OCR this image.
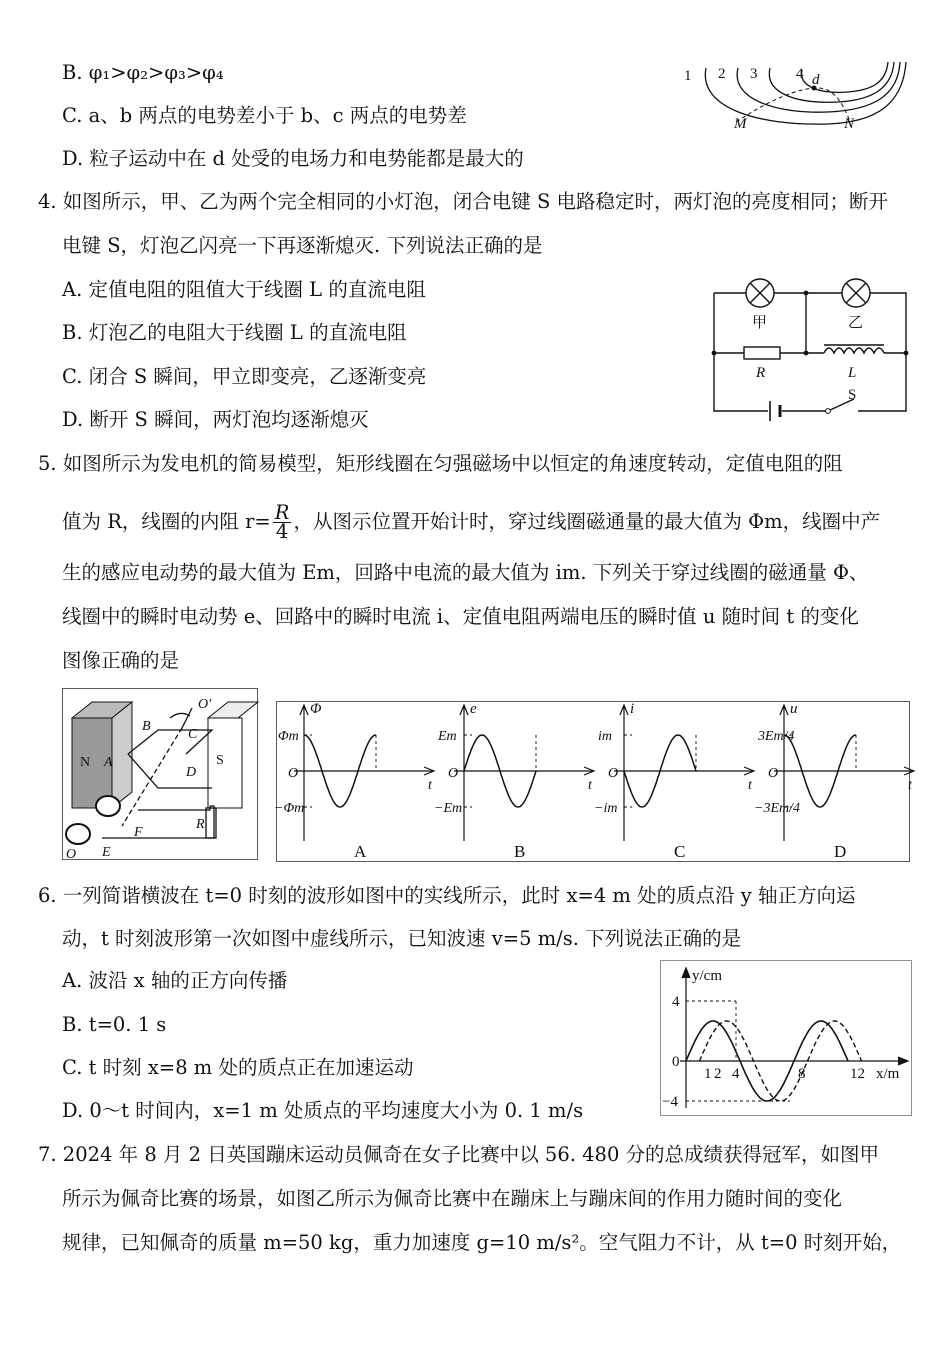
B. φ₁>φ₂>φ₃>φ₄
C. a、b 两点的电势差小于 b、c 两点的电势差
D. 粒子运动中在 d 处受的电场力和电势能都是最大的
1 2 3	4 d
M	N
4. 如图所示，甲、乙为两个完全相同的小灯泡，闭合电键 S 电路稳定时，两灯泡的亮度相同；断开
电键 S，灯泡乙闪亮一下再逐渐熄灭. 下列说法正确的是
A. 定值电阻的阻值大于线圈 L 的直流电阻
B. 灯泡乙的电阻大于线圈 L 的直流电阻
C. 闭合 S 瞬间，甲立即变亮，乙逐渐变亮
D. 断开 S 瞬间，两灯泡均逐渐熄灭
甲	乙
R	L
S
5. 如图所示为发电机的简易模型，矩形线圈在匀强磁场中以恒定的角速度转动，定值电阻的阻
值为 R，线圈的内阻 $r= \frac{R}{4}$ ，从图示位置开始计时，穿过线圈磁通量的最大值为 Φm，线圈中产
生的感应电动势的最大值为 Em，回路中电流的最大值为 im. 下列关于穿过线圈的磁通量 Φ、
线圈中的瞬时电动势 e、回路中的瞬时电流 i、定值电阻两端电压的瞬时值 u 随时间 t 的变化
图像正确的是
N	S
A
B
C
D
O′
O E
F
R
Φ
Φm
−Φm
O
t
A
e
Em
−Em
O
t
B
i
im
−im
O
t
C
u
3Em/4
−3Em/4
O
t
D
6. 一列简谐横波在 t=0 时刻的波形如图中的实线所示，此时 x=4 m 处的质点沿 y 轴正方向运
动，t 时刻波形第一次如图中虚线所示，已知波速 v=5 m/s. 下列说法正确的是
A. 波沿 x 轴的正方向传播
B. t=0. 1 s
C. t 时刻 x=8 m 处的质点正在加速运动
D. 0～t 时间内，x=1 m 处质点的平均速度大小为 0. 1 m/s
y/cm
x/m
4
−4
0
1 2 4	8	12
7. 2024 年 8 月 2 日英国蹦床运动员佩奇在女子比赛中以 56. 480 分的总成绩获得冠军，如图甲
所示为佩奇比赛的场景，如图乙所示为佩奇比赛中在蹦床上与蹦床间的作用力随时间的变化
规律，已知佩奇的质量 m=50 kg，重力加速度 g=10 m/s²。空气阻力不计，从 t=0 时刻开始，
